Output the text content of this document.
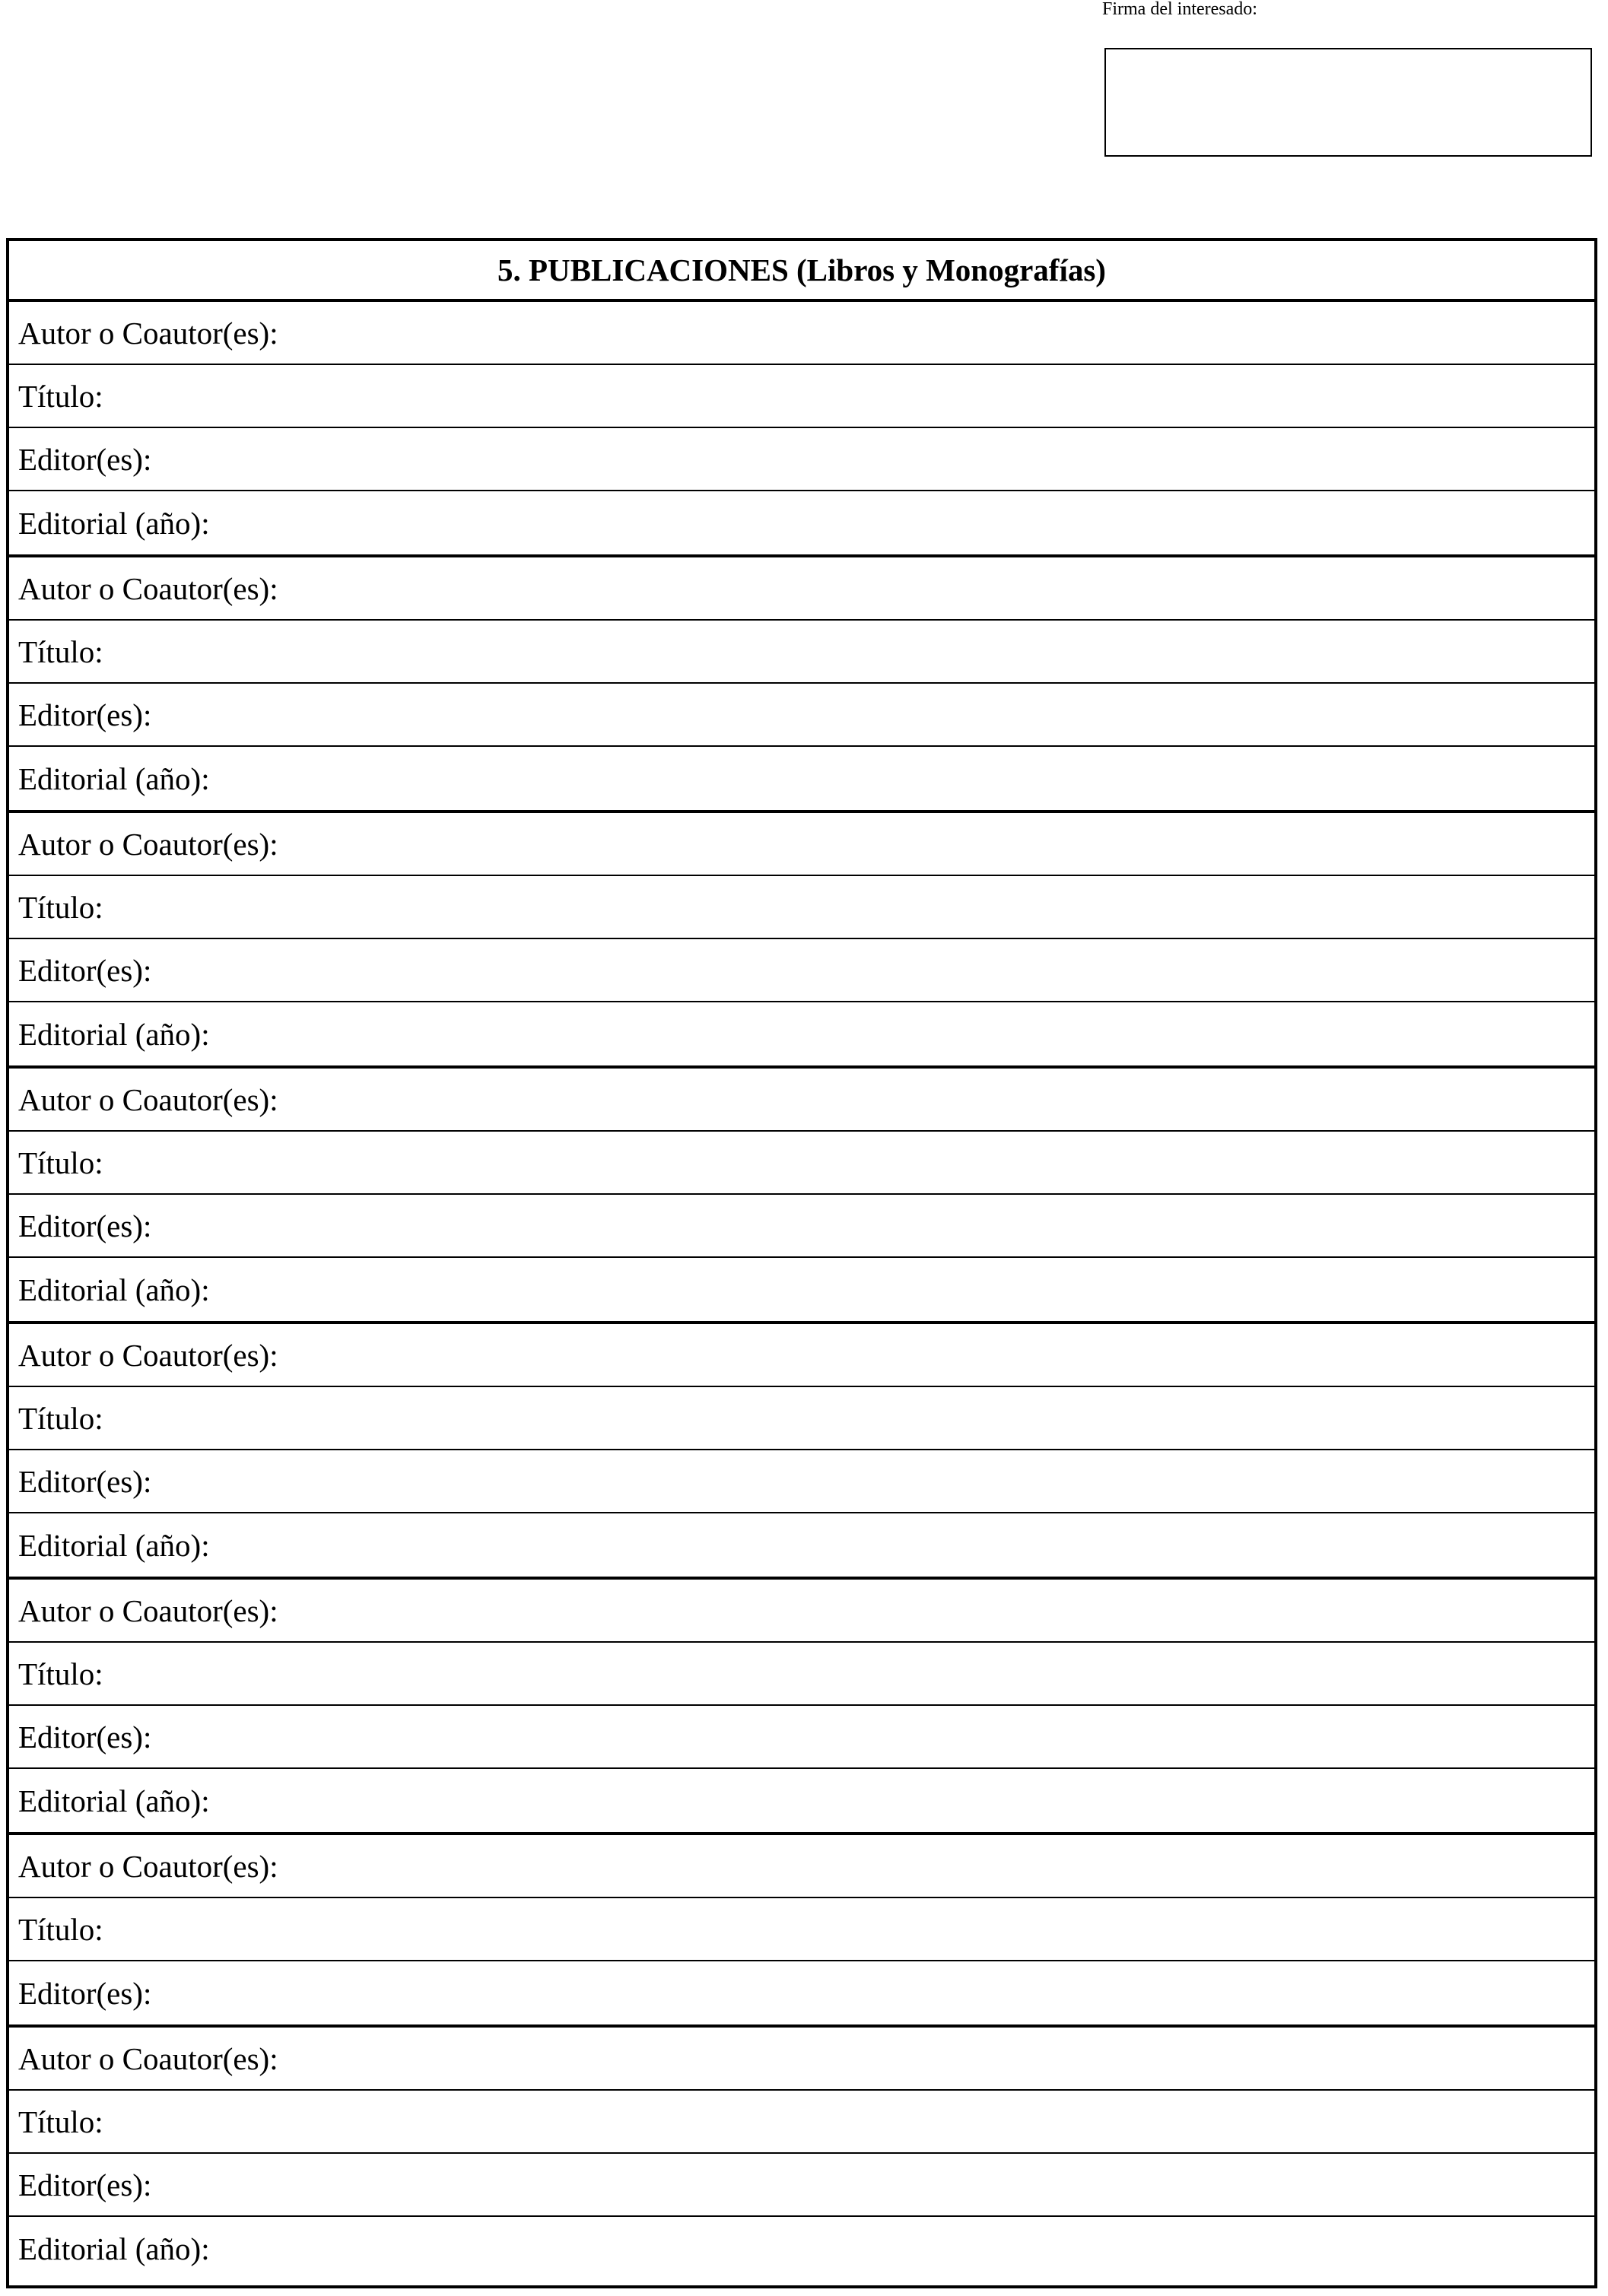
Firma del interesado:
5. PUBLICACIONES (Libros y Monografías)
Autor o Coautor(es):
Título:
Editor(es):
Editorial (año):
Autor o Coautor(es):
Título:
Editor(es):
Editorial (año):
Autor o Coautor(es):
Título:
Editor(es):
Editorial (año):
Autor o Coautor(es):
Título:
Editor(es):
Editorial (año):
Autor o Coautor(es):
Título:
Editor(es):
Editorial (año):
Autor o Coautor(es):
Título:
Editor(es):
Editorial (año):
Autor o Coautor(es):
Título:
Editor(es):
Autor o Coautor(es):
Título:
Editor(es):
Editorial (año):
